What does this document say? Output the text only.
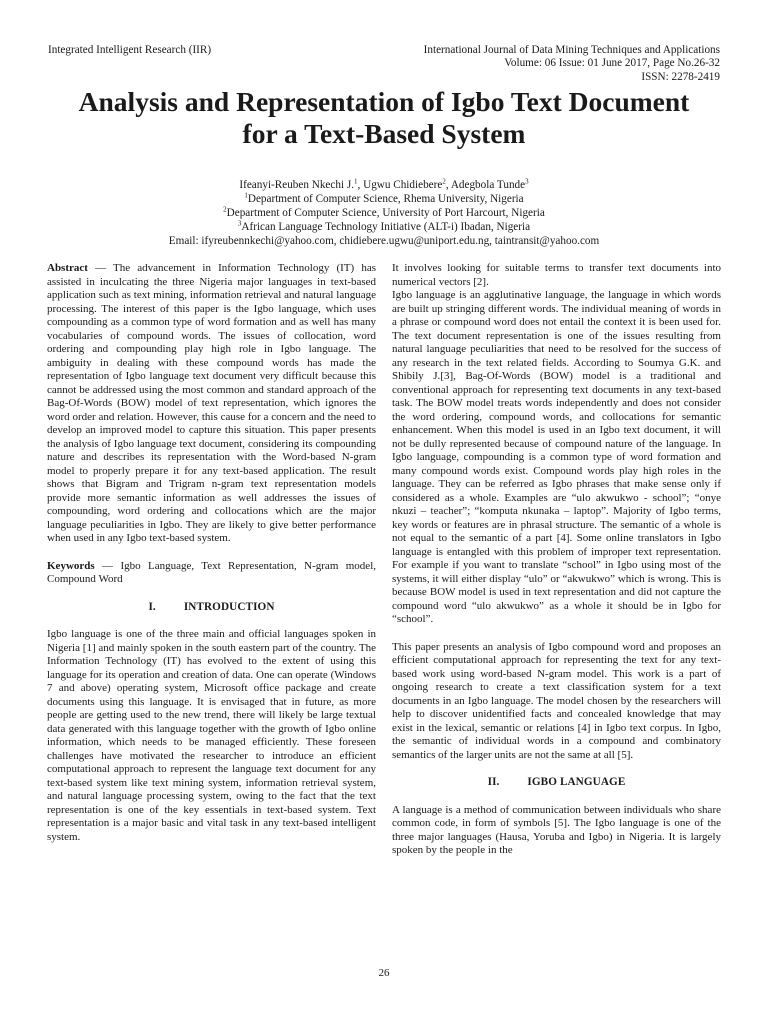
Integrated Intelligent Research (IIR)	International Journal of Data Mining Techniques and Applications
Volume: 06 Issue: 01 June 2017, Page No.26-32
ISSN: 2278-2419
Analysis and Representation of Igbo Text Document
for a Text-Based System
Ifeanyi-Reuben Nkechi J.$^1$, Ugwu Chidiebere$^2$, Adegbola Tunde$^3$
$^1$Department of Computer Science, Rhema University, Nigeria
$^2$Department of Computer Science, University of Port Harcourt, Nigeria
$^3$African Language Technology Initiative (ALT-i) Ibadan, Nigeria
Email: ifyreubennkechi@yahoo.com, chidiebere.ugwu@uniport.edu.ng, taintransit@yahoo.com

Abstract — The advancement in Information Technology (IT) has assisted in inculcating the three Nigeria major languages in text-based application such as text mining, information retrieval and natural language processing. The interest of this paper is the Igbo language, which uses compounding as a common type of word formation and as well has many vocabularies of compound words. The issues of collocation, word ordering and compounding play high role in Igbo language. The ambiguity in dealing with these compound words has made the representation of Igbo language text document very difficult because this cannot be addressed using the most common and standard approach of the Bag-Of-Words (BOW) model of text representation, which ignores the word order and relation. However, this cause for a concern and the need to develop an improved model to capture this situation. This paper presents the analysis of Igbo language text document, considering its compounding nature and describes its representation with the Word-based N-gram model to properly prepare it for any text-based application. The result shows that Bigram and Trigram n-gram text representation models provide more semantic information as well addresses the issues of compounding, word ordering and collocations which are the major language peculiarities in Igbo. They are likely to give better performance when used in any Igbo text-based system.

Keywords — Igbo Language, Text Representation, N-gram model, Compound Word

I.	INTRODUCTION

Igbo language is one of the three main and official languages spoken in Nigeria [1] and mainly spoken in the south eastern part of the country. The Information Technology (IT) has evolved to the extent of using this language for its operation and creation of data. One can operate (Windows 7 and above) operating system, Microsoft office package and create documents using this language. It is envisaged that in future, as more people are getting used to the new trend, there will likely be large textual data generated with this language together with the growth of Igbo online information, which needs to be managed efficiently. These foreseen challenges have motivated the researcher to introduce an efficient computational approach to represent the language text document for any text-based system like text mining system, information retrieval system, and natural language processing system, owing to the fact that the text representation is one of the key essentials in text-based system. Text representation is a major basic and vital task in any text-based intelligent system.

It involves looking for suitable terms to transfer text documents into numerical vectors [2].

Igbo language is an agglutinative language, the language in which words are built up stringing different words. The individual meaning of words in a phrase or compound word does not entail the context it is been used for. The text document representation is one of the issues resulting from natural language peculiarities that need to be resolved for the success of any research in the text related fields. According to Soumya G.K. and Shibily J.[3], Bag-Of-Words (BOW) model is a traditional and conventional approach for representing text documents in any text-based task. The BOW model treats words independently and does not consider the word ordering, compound words, and collocations for semantic enhancement. When this model is used in an Igbo text document, it will not be dully represented because of compound nature of the language. In Igbo language, compounding is a common type of word formation and many compound words exist. Compound words play high roles in the language. They can be referred as Igbo phrases that make sense only if considered as a whole. Examples are “ulo akwukwo - school”; “onye nkuzi – teacher”; “komputa nkunaka – laptop”. Majority of Igbo terms, key words or features are in phrasal structure. The semantic of a whole is not equal to the semantic of a part [4]. Some online translators in Igbo language is entangled with this problem of improper text representation. For example if you want to translate “school” in Igbo using most of the systems, it will either display “ulo” or “akwukwo” which is wrong. This is because BOW model is used in text representation and did not capture the compound word “ulo akwukwo” as a whole it should be in Igbo for “school”.

This paper presents an analysis of Igbo compound word and proposes an efficient computational approach for representing the text for any text-based work using word-based N-gram model. This work is a part of ongoing research to create a text classification system for a text documents in an Igbo language. The model chosen by the researchers will help to discover unidentified facts and concealed knowledge that may exist in the lexical, semantic or relations [4] in Igbo text corpus. In Igbo, the semantic of individual words in a compound and combinatory semantics of the larger units are not the same at all [5].

II.	IGBO LANGUAGE

A language is a method of communication between individuals who share common code, in form of symbols [5]. The Igbo language is one of the three major languages (Hausa, Yoruba and Igbo) in Nigeria. It is largely spoken by the people in the

26
